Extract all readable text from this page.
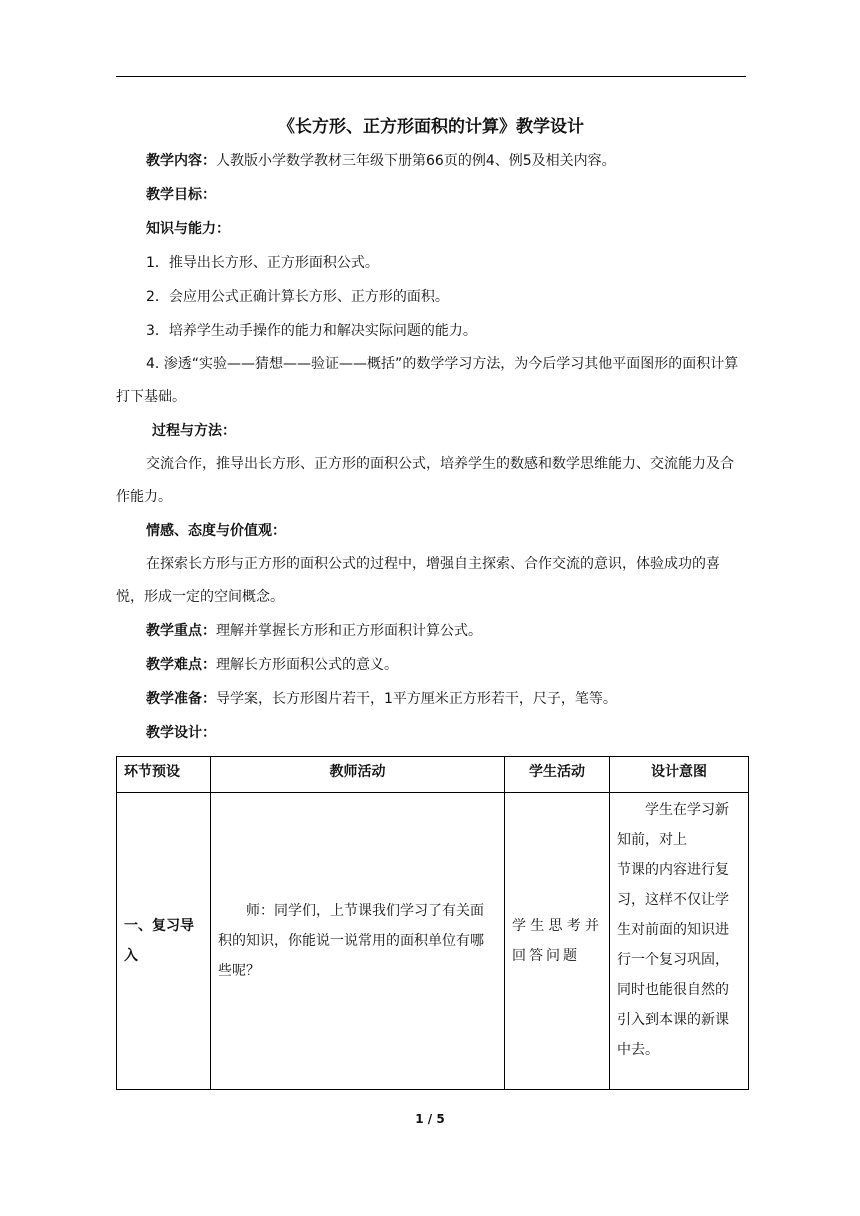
《长方形、正方形面积的计算》教学设计

教学内容：人教版小学数学教材三年级下册第66页的例4、例5及相关内容。

教学目标：

知识与能力：

1．推导出长方形、正方形面积公式。

2．会应用公式正确计算长方形、正方形的面积。

3．培养学生动手操作的能力和解决实际问题的能力。

4. 渗透“实验——猜想——验证——概括”的数学学习方法，为今后学习其他平面图形的面积计算打下基础。

过程与方法：

交流合作，推导出长方形、正方形的面积公式，培养学生的数感和数学思维能力、交流能力及合作能力。

情感、态度与价值观：

在探索长方形与正方形的面积公式的过程中，增强自主探索、合作交流的意识，体验成功的喜悦，形成一定的空间概念。

教学重点：理解并掌握长方形和正方形面积计算公式。

教学难点：理解长方形面积公式的意义。

教学准备：导学案，长方形图片若干，1平方厘米正方形若干，尺子，笔等。

教学设计：

环节预设	教师活动	学生活动	设计意图
一、复习导入	师：同学们，上节课我们学习了有关面积的知识，你能说一说常用的面积单位有哪些呢？	学生思考并回答问题	学生在学习新知前，对上
节课的内容进行复习，这样不仅让学生对前面的知识进行一个复习巩固，同时也能很自然的引入到本课的新课中去。
1 / 5
